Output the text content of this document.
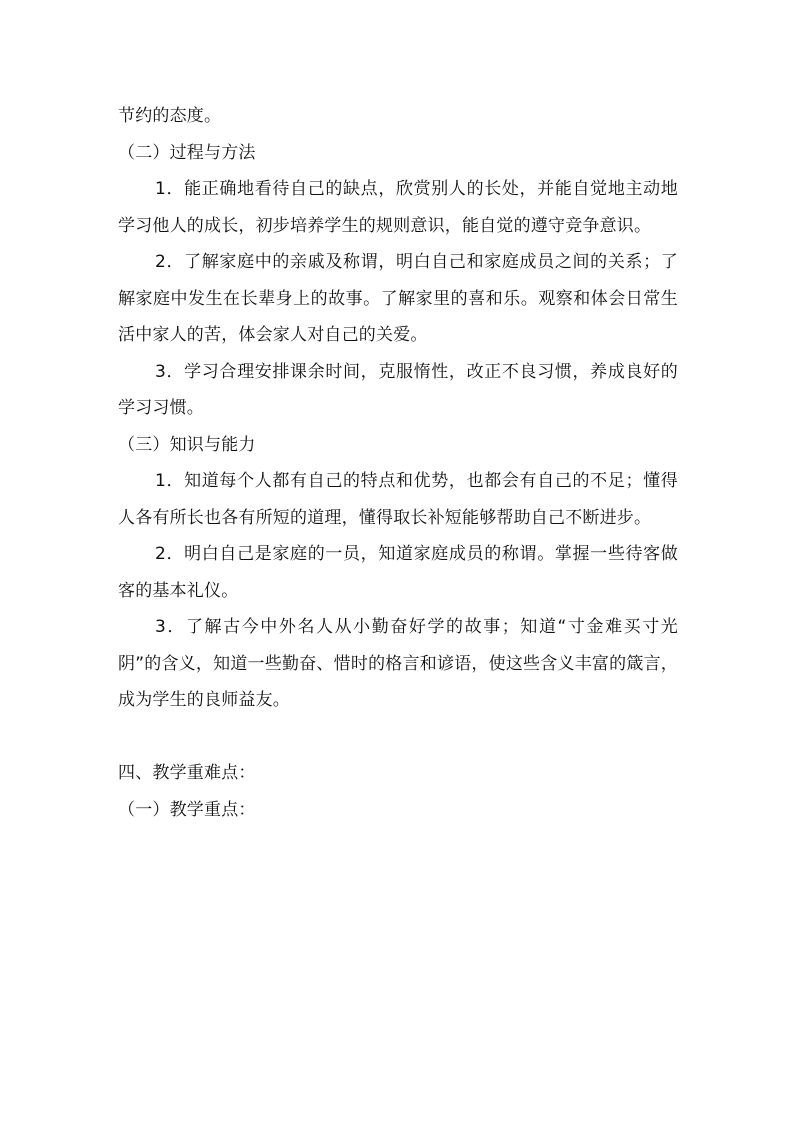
节约的态度。

（二）过程与方法

1．能正确地看待自己的缺点，欣赏别人的长处，并能自觉地主动地学习他人的成长，初步培养学生的规则意识，能自觉的遵守竞争意识。

2．了解家庭中的亲戚及称谓，明白自己和家庭成员之间的关系；了解家庭中发生在长辈身上的故事。了解家里的喜和乐。观察和体会日常生活中家人的苦，体会家人对自己的关爱。

3．学习合理安排课余时间，克服惰性，改正不良习惯，养成良好的学习习惯。

（三）知识与能力

1．知道每个人都有自己的特点和优势，也都会有自己的不足；懂得人各有所长也各有所短的道理，懂得取长补短能够帮助自己不断进步。

2．明白自己是家庭的一员，知道家庭成员的称谓。掌握一些待客做客的基本礼仪。

3．了解古今中外名人从小勤奋好学的故事；知道“寸金难买寸光阴”的含义，知道一些勤奋、惜时的格言和谚语，使这些含义丰富的箴言，成为学生的良师益友。

四、教学重难点：

（一）教学重点：
